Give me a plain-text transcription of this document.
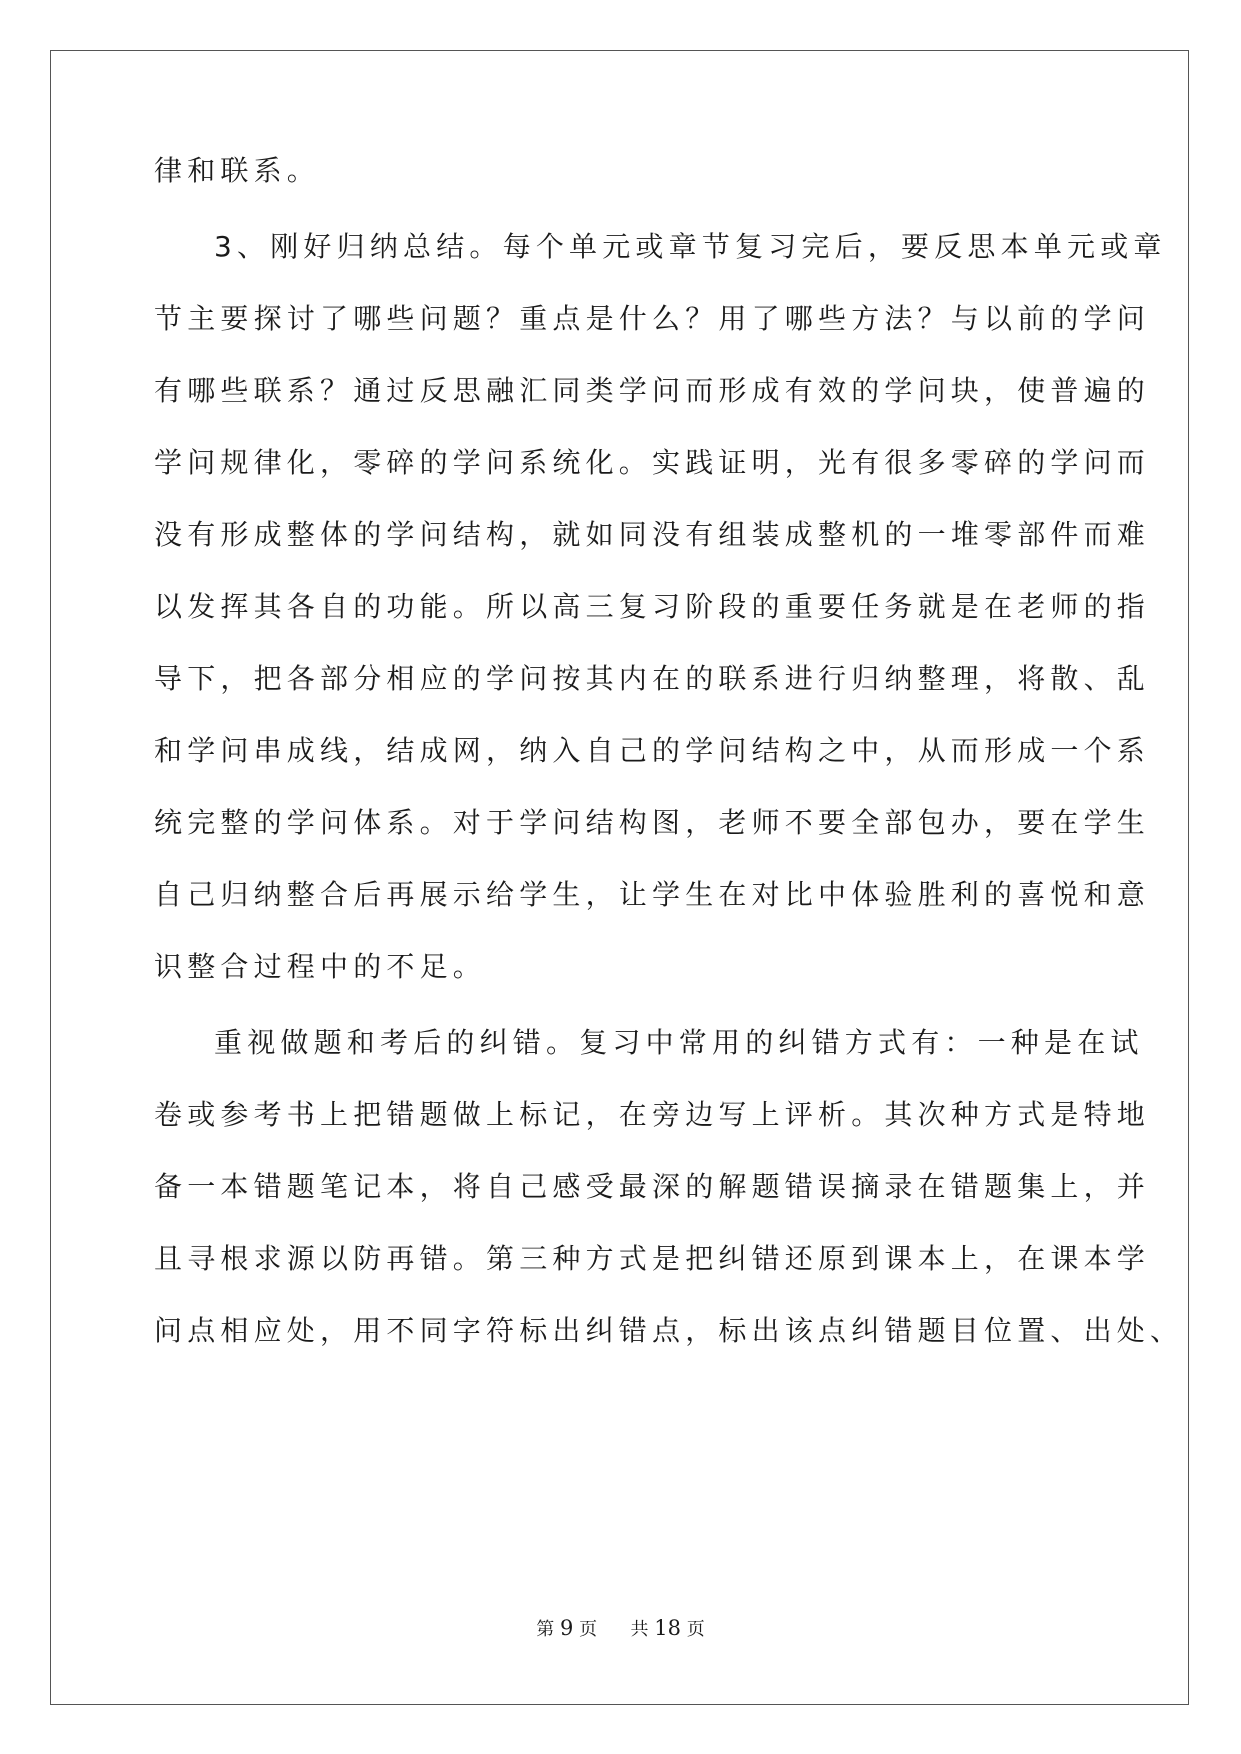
律和联系。
3、刚好归纳总结。每个单元或章节复习完后，要反思本单元或章
节主要探讨了哪些问题？重点是什么？用了哪些方法？与以前的学问
有哪些联系？通过反思融汇同类学问而形成有效的学问块，使普遍的
学问规律化，零碎的学问系统化。实践证明，光有很多零碎的学问而
没有形成整体的学问结构，就如同没有组装成整机的一堆零部件而难
以发挥其各自的功能。所以高三复习阶段的重要任务就是在老师的指
导下，把各部分相应的学问按其内在的联系进行归纳整理，将散、乱
和学问串成线，结成网，纳入自己的学问结构之中，从而形成一个系
统完整的学问体系。对于学问结构图，老师不要全部包办，要在学生
自己归纳整合后再展示给学生，让学生在对比中体验胜利的喜悦和意
识整合过程中的不足。
重视做题和考后的纠错。复习中常用的纠错方式有：一种是在试
卷或参考书上把错题做上标记，在旁边写上评析。其次种方式是特地
备一本错题笔记本，将自己感受最深的解题错误摘录在错题集上，并
且寻根求源以防再错。第三种方式是把纠错还原到课本上，在课本学
问点相应处，用不同字符标出纠错点，标出该点纠错题目位置、出处、
第 9 页 共 18 页
